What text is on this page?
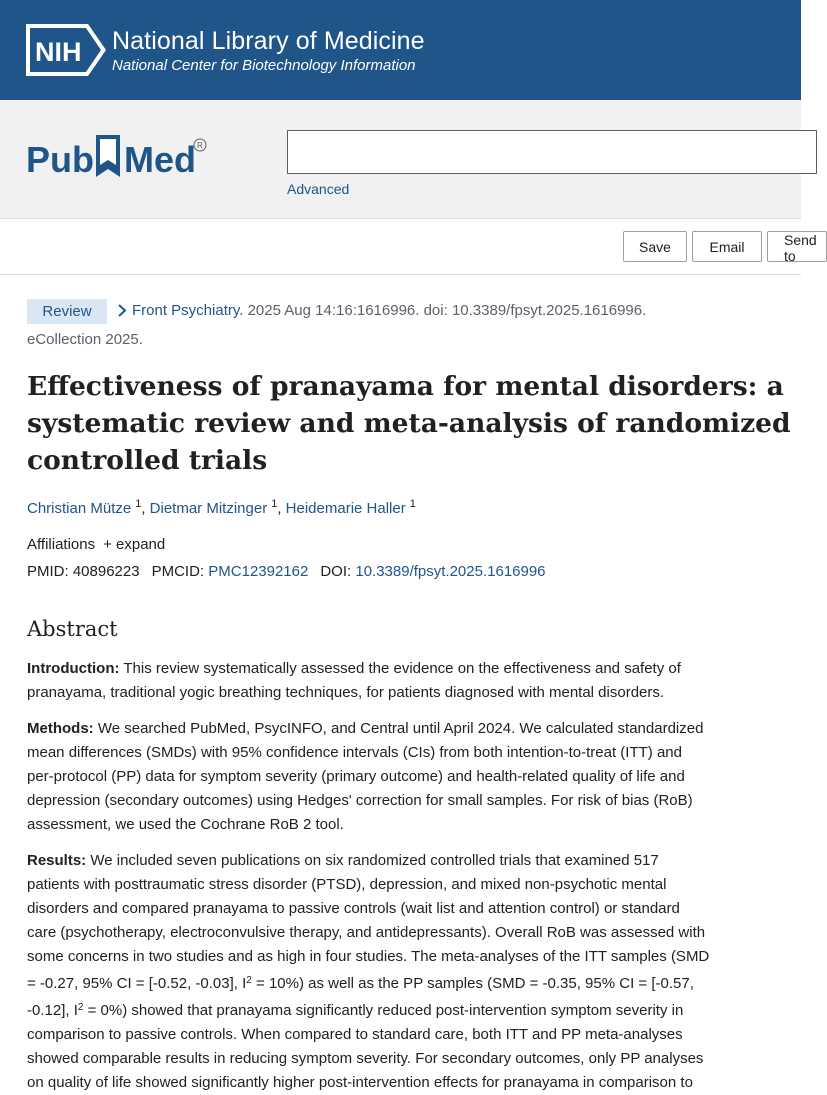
NIH National Library of Medicine
National Center for Biotechnology Information
Pub Med R
Advanced
Save	Email	Send to
Review	Front Psychiatry. 2025 Aug 14:16:1616996. doi: 10.3389/fpsyt.2025.1616996.
eCollection 2025.
Effectiveness of pranayama for mental disorders: a
systematic review and meta-analysis of randomized
controlled trials
Christian Mütze $^1$, Dietmar Mitzinger $^1$, Heidemarie Haller $^1$
Affiliations + expand
PMID: 40896223 PMCID: PMC12392162 DOI: 10.3389/fpsyt.2025.1616996
Abstract
Introduction: This review systematically assessed the evidence on the effectiveness and safety of
pranayama, traditional yogic breathing techniques, for patients diagnosed with mental disorders.
Methods: We searched PubMed, PsycINFO, and Central until April 2024. We calculated standardized
mean differences (SMDs) with 95% confidence intervals (CIs) from both intention-to-treat (ITT) and
per-protocol (PP) data for symptom severity (primary outcome) and health-related quality of life and
depression (secondary outcomes) using Hedges' correction for small samples. For risk of bias (RoB)
assessment, we used the Cochrane RoB 2 tool.
Results: We included seven publications on six randomized controlled trials that examined 517
patients with posttraumatic stress disorder (PTSD), depression, and mixed non-psychotic mental
disorders and compared pranayama to passive controls (wait list and attention control) or standard
care (psychotherapy, electroconvulsive therapy, and antidepressants). Overall RoB was assessed with
some concerns in two studies and as high in four studies. The meta-analyses of the ITT samples (SMD
= -0.27, 95% CI = [-0.52, -0.03], $I^2 = 10\%$) as well as the PP samples (SMD = -0.35, 95% CI = [-0.57,
-0.12], $I^2 = 0\%$) showed that pranayama significantly reduced post-intervention symptom severity in
comparison to passive controls. When compared to standard care, both ITT and PP meta-analyses
showed comparable results in reducing symptom severity. For secondary outcomes, only PP analyses
on quality of life showed significantly higher post-intervention effects for pranayama in comparison to
